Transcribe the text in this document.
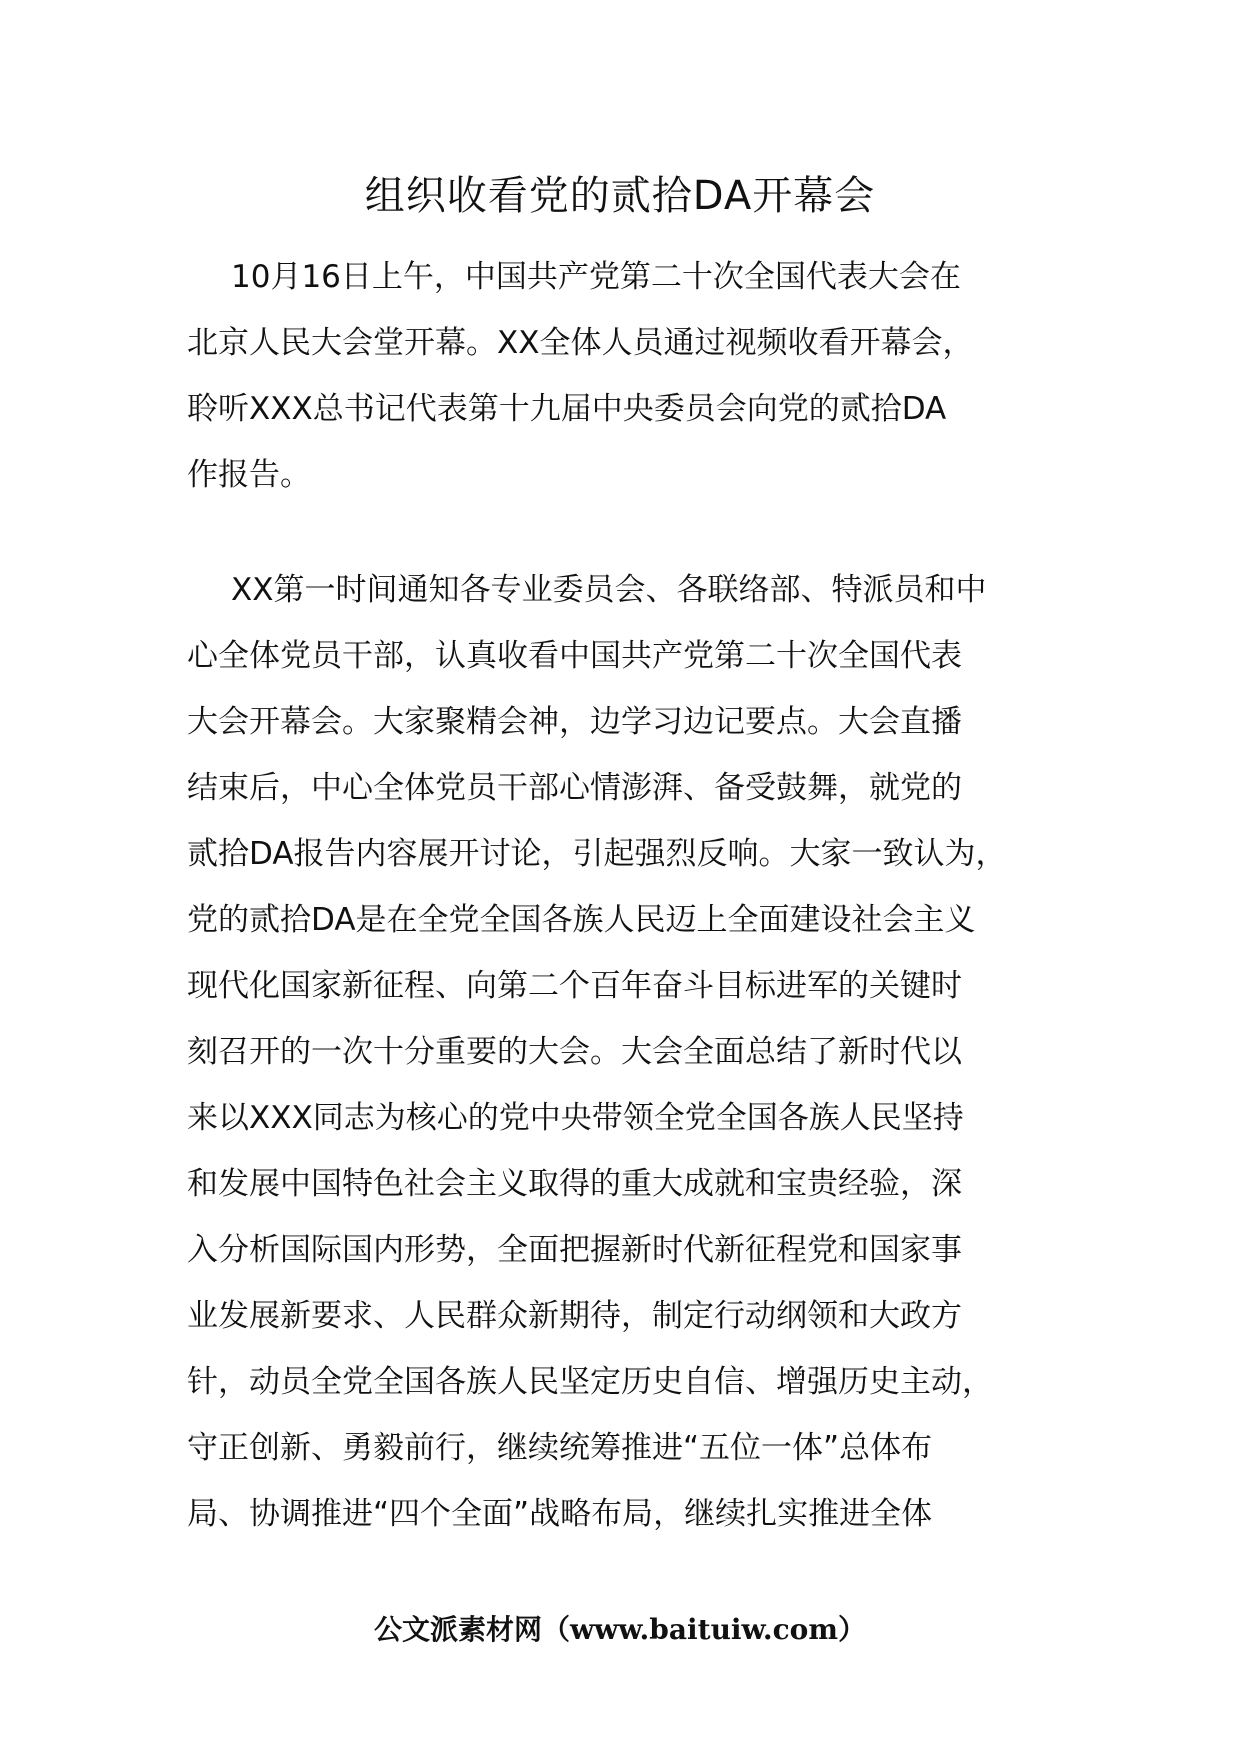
组织收看党的贰拾DA开幕会
10月16日上午，中国共产党第二十次全国代表大会在
北京人民大会堂开幕。XX全体人员通过视频收看开幕会，
聆听XXX总书记代表第十九届中央委员会向党的贰拾DA
作报告。
XX第一时间通知各专业委员会、各联络部、特派员和中
心全体党员干部，认真收看中国共产党第二十次全国代表
大会开幕会。大家聚精会神，边学习边记要点。大会直播
结束后，中心全体党员干部心情澎湃、备受鼓舞，就党的
贰拾DA报告内容展开讨论，引起强烈反响。大家一致认为，
党的贰拾DA是在全党全国各族人民迈上全面建设社会主义
现代化国家新征程、向第二个百年奋斗目标进军的关键时
刻召开的一次十分重要的大会。大会全面总结了新时代以
来以XXX同志为核心的党中央带领全党全国各族人民坚持
和发展中国特色社会主义取得的重大成就和宝贵经验，深
入分析国际国内形势，全面把握新时代新征程党和国家事
业发展新要求、人民群众新期待，制定行动纲领和大政方
针，动员全党全国各族人民坚定历史自信、增强历史主动，
守正创新、勇毅前行，继续统筹推进“五位一体”总体布
局、协调推进“四个全面”战略布局，继续扎实推进全体
公文派素材网（www.baituiw.com）
